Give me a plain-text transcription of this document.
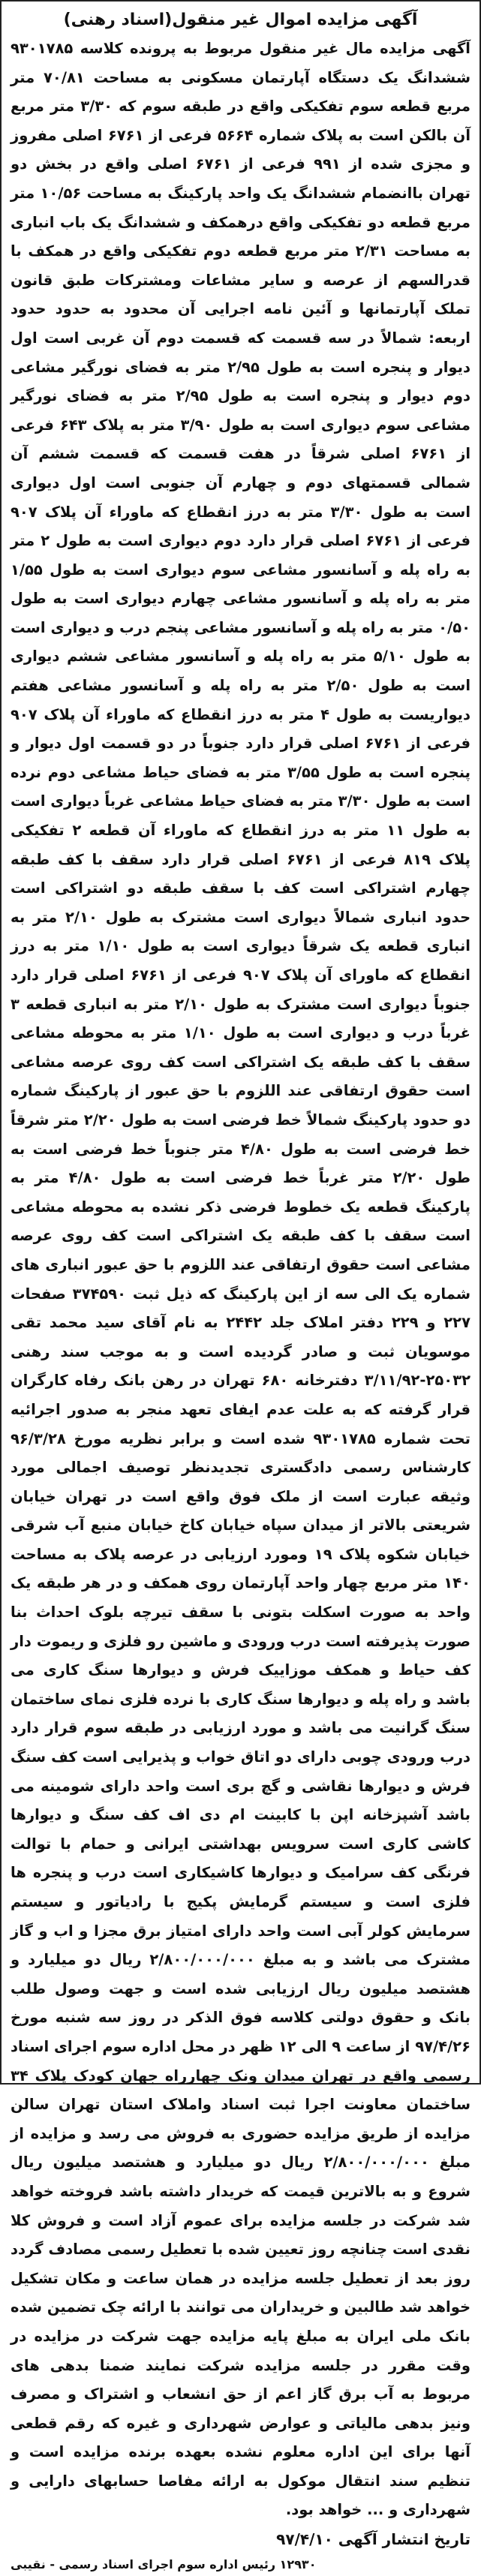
آگهی مزایده اموال غیر منقول(اسناد رهنی)

آگهی مزایده مال غیر منقول مربوط به پرونده کلاسه ۹۳۰۱۷۸۵ ششدانگ یک دستگاه آپارتمان مسکونی به مساحت ۷۰/۸۱ متر مربع قطعه سوم تفکیکی واقع در طبقه سوم که ۳/۳۰ متر مربع آن بالکن است به پلاک شماره ۵۶۶۴ فرعی از ۶۷۶۱ اصلی مفروز و مجزی شده از ۹۹۱ فرعی از ۶۷۶۱ اصلی واقع در بخش دو تهران باانضمام ششدانگ یک واحد پارکینگ به مساحت ۱۰/۵۶ متر مربع قطعه دو تفکیکی واقع درهمکف و ششدانگ یک باب انباری به مساحت ۲/۳۱ متر مربع قطعه دوم تفکیکی واقع در همکف با قدرالسهم از عرصه و سایر مشاعات ومشترکات طبق قانون تملک آپارتمانها و آئین نامه اجرایی آن محدود به حدود حدود اربعه: شمالاً در سه قسمت که قسمت دوم آن غربی است اول دیوار و پنجره است به طول ۲/۹۵ متر به فضای نورگیر مشاعی دوم دیوار و پنجره است به طول ۲/۹۵ متر به فضای نورگیر مشاعی سوم دیواری است به طول ۳/۹۰ متر به پلاک ۶۴۳ فرعی از ۶۷۶۱ اصلی شرقاً در هفت قسمت که قسمت ششم آن شمالی قسمتهای دوم و چهارم آن جنوبی است اول دیواری است به طول ۳/۳۰ متر به درز انقطاع که ماوراء آن پلاک ۹۰۷ فرعی از ۶۷۶۱ اصلی قرار دارد دوم دیواری است به طول ۲ متر به راه پله و آسانسور مشاعی سوم دیواری است به طول ۱/۵۵ متر به راه پله و آسانسور مشاعی چهارم دیواری است به طول ۰/۵۰ متر به راه پله و آسانسور مشاعی پنجم درب و دیواری است به طول ۵/۱۰ متر به راه پله و آسانسور مشاعی ششم دیواری است به طول ۲/۵۰ متر به راه پله و آسانسور مشاعی هفتم دیواریست به طول ۴ متر به درز انقطاع که ماوراء آن پلاک ۹۰۷ فرعی از ۶۷۶۱ اصلی قرار دارد جنوباً در دو قسمت اول دیوار و پنجره است به طول ۳/۵۵ متر به فضای حیاط مشاعی دوم نرده است به طول ۳/۳۰ متر به فضای حیاط مشاعی غرباً دیواری است به طول ۱۱ متر به درز انقطاع که ماوراء آن قطعه ۲ تفکیکی پلاک ۸۱۹ فرعی از ۶۷۶۱ اصلی قرار دارد سقف با کف طبقه چهارم اشتراکی است کف با سقف طبقه دو اشتراکی است حدود انباری شمالاً دیواری است مشترک به طول ۲/۱۰ متر به انباری قطعه یک شرقاً دیواری است به طول ۱/۱۰ متر به درز انقطاع که ماورای آن پلاک ۹۰۷ فرعی از ۶۷۶۱ اصلی قرار دارد جنوباً دیواری است مشترک به طول ۲/۱۰ متر به انباری قطعه ۳ غرباً درب و دیواری است به طول ۱/۱۰ متر به محوطه مشاعی سقف با کف طبقه یک اشتراکی است کف روی عرصه مشاعی است حقوق ارتفاقی عند اللزوم با حق عبور از پارکینگ شماره دو حدود پارکینگ شمالاً خط فرضی است به طول ۲/۲۰ متر شرقاً خط فرضی است به طول ۴/۸۰ متر جنوباً خط فرضی است به طول ۲/۲۰ متر غرباً خط فرضی است به طول ۴/۸۰ متر به پارکینگ قطعه یک خطوط فرضی ذکر نشده به محوطه مشاعی است سقف با کف طبقه یک اشتراکی است کف روی عرصه مشاعی است حقوق ارتفاقی عند اللزوم با حق عبور انباری های شماره یک الی سه از این پارکینگ که ذیل ثبت ۳۷۴۵۹۰ صفحات ۲۲۷ و ۲۲۹ دفتر املاک جلد ۲۴۴۲ به نام آقای سید محمد تقی موسویان ثبت و صادر گردیده است و به موجب سند رهنی ۲۵۰۳۲-۳/۱۱/۹۲ دفترخانه ۶۸۰ تهران در رهن بانک رفاه کارگران قرار گرفته که به علت عدم ایفای تعهد منجر به صدور اجرائیه تحت شماره ۹۳۰۱۷۸۵ شده است و برابر نظریه مورخ ۹۶/۳/۲۸ کارشناس رسمی دادگستری تجدیدنظر توصیف اجمالی مورد وثیقه عبارت است از ملک فوق واقع است در تهران خیابان شریعتی بالاتر از میدان سپاه خیابان کاخ خیابان منبع آب شرقی خیابان شکوه پلاک ۱۹ ومورد ارزیابی در عرصه پلاک به مساحت ۱۴۰ متر مربع چهار واحد آپارتمان روی همکف و در هر طبقه یک واحد به صورت اسکلت بتونی با سقف تیرچه بلوک احداث بنا صورت پذیرفته است درب ورودی و ماشین رو فلزی و ریموت دار کف حیاط و همکف موزاییک فرش و دیوارها سنگ کاری می باشد و راه پله و دیوارها سنگ کاری با نرده فلزی نمای ساختمان سنگ گرانیت می باشد و مورد ارزیابی در طبقه سوم قرار دارد درب ورودی چوبی دارای دو اتاق خواب و پذیرایی است کف سنگ فرش و دیوارها نقاشی و گچ بری است واحد دارای شومینه می باشد آشپزخانه اپن با کابینت ام دی اف کف سنگ و دیوارها کاشی کاری است سرویس بهداشتی ایرانی و حمام با توالت فرنگی کف سرامیک و دیوارها کاشیکاری است درب و پنجره ها فلزی است و سیستم گرمایش پکیج با رادیاتور و سیستم سرمایش کولر آبی است واحد دارای امتیاز برق مجزا و اب و گاز مشترک می باشد و به مبلغ ۲/۸۰۰/۰۰۰/۰۰۰ ریال دو میلیارد و هشتصد میلیون ریال ارزیابی شده است و جهت وصول طلب بانک و حقوق دولتی کلاسه فوق الذکر در روز سه شنبه مورخ ۹۷/۴/۲۶ از ساعت ۹ الی ۱۲ ظهر در محل اداره سوم اجرای اسناد رسمی واقع در تهران میدان ونک چهارراه جهان کودک پلاک ۳۴ ساختمان معاونت اجرا ثبت اسناد واملاک استان تهران سالن مزایده از طریق مزایده حضوری به فروش می رسد و مزایده از مبلغ ۲/۸۰۰/۰۰۰/۰۰۰ ریال دو میلیارد و هشتصد میلیون ریال شروع و به بالاترین قیمت که خریدار داشته باشد فروخته خواهد شد شرکت در جلسه مزایده برای عموم آزاد است و فروش کلا نقدی است چنانچه روز تعیین شده با تعطیل رسمی مصادف گردد روز بعد از تعطیل جلسه مزایده در همان ساعت و مکان تشکیل خواهد شد طالبین و خریداران می توانند با ارائه چک تضمین شده بانک ملی ایران به مبلغ پایه مزایده جهت شرکت در مزایده در وقت مقرر در جلسه مزایده شرکت نمایند ضمنا بدهی های مربوط به آب برق گاز اعم از حق انشعاب و اشتراک و مصرف ونیز بدهی مالیاتی و عوارض شهرداری و غیره که رقم قطعی آنها برای این اداره معلوم نشده بعهده برنده مزایده است و تنظیم سند انتقال موکول به ارائه مفاصا حسابهای دارایی و شهرداری و ... خواهد بود.

تاریخ انتشار آگهی ۹۷/۴/۱۰

۱۲۹۳۰ رئیس اداره سوم اجرای اسناد رسمی - نقیبی
